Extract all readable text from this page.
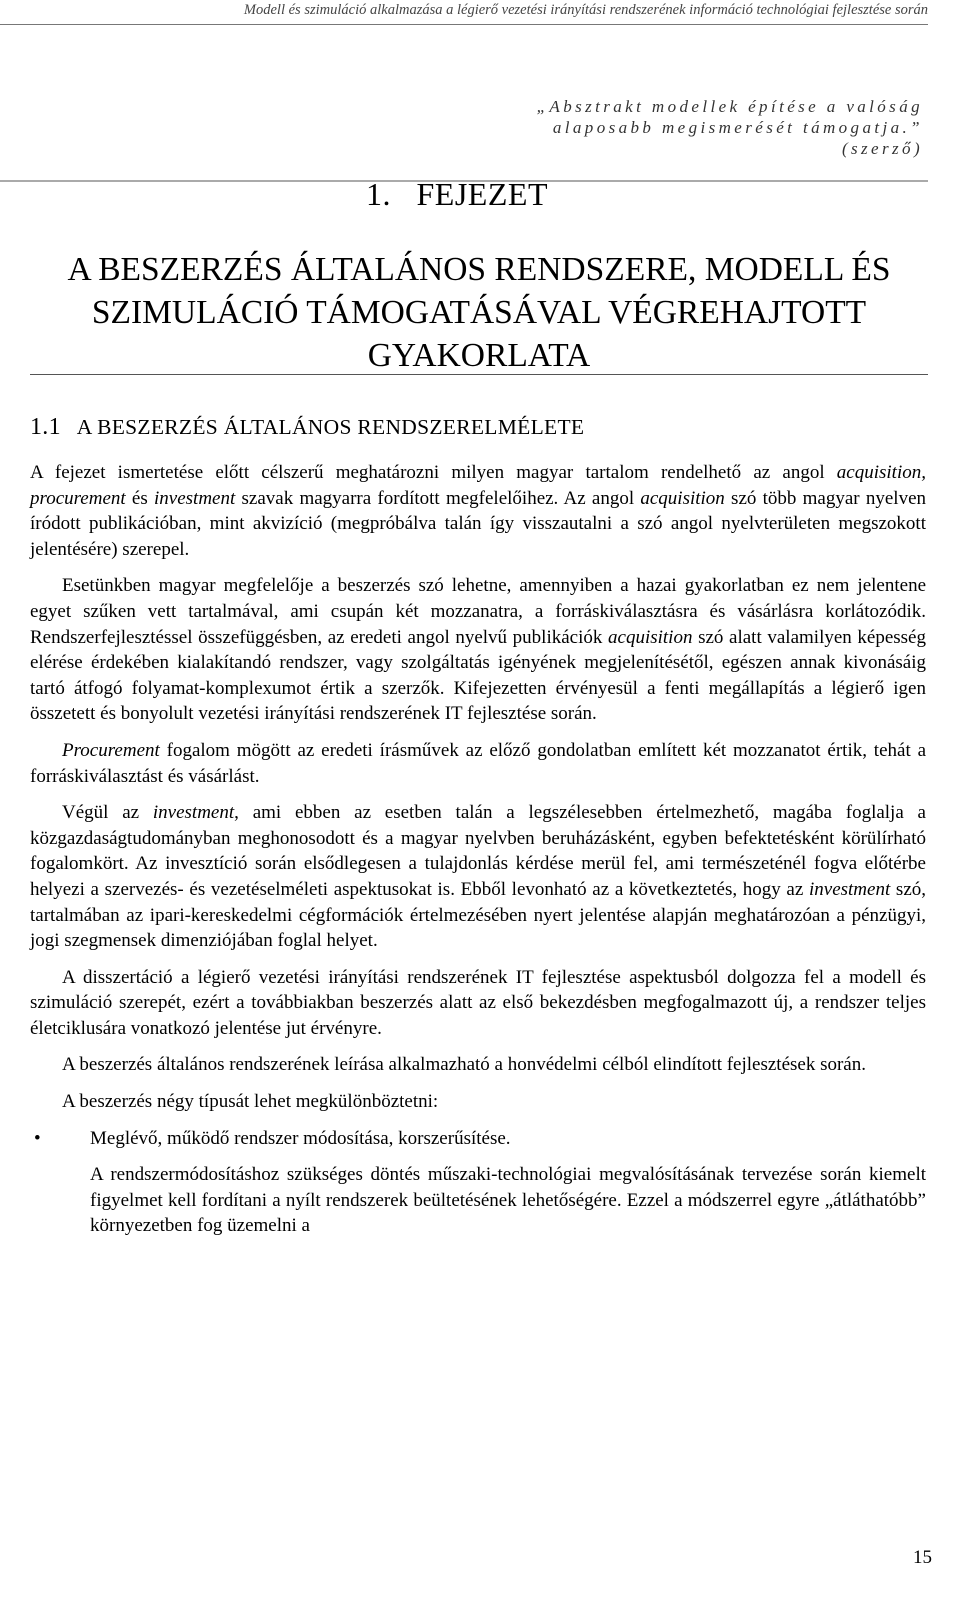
Modell és szimuláció alkalmazása a légierő vezetési irányítási rendszerének információ technológiai fejlesztése során
„Absztrakt modellek építése a valóság
alaposabb megismerését támogatja.”
(szerző)
1. FEJEZET
A BESZERZÉS ÁLTALÁNOS RENDSZERE, MODELL ÉS
SZIMULÁCIÓ TÁMOGATÁSÁVAL VÉGREHAJTOTT
GYAKORLATA
1.1 A BESZERZÉS ÁLTALÁNOS RENDSZERELMÉLETE

A fejezet ismertetése előtt célszerű meghatározni milyen magyar tartalom rendelhető az angol acquisition, procurement és investment szavak magyarra fordított megfelelőihez. Az angol acquisition szó több magyar nyelven íródott publikációban, mint akvizíció (megpróbálva talán így visszautalni a szó angol nyelvterületen megszokott jelentésére) szerepel.

Esetünkben magyar megfelelője a beszerzés szó lehetne, amennyiben a hazai gyakorlatban ez nem jelentene egyet szűken vett tartalmával, ami csupán két mozzanatra, a forráskiválasztásra és vásárlásra korlátozódik. Rendszerfejlesztéssel összefüggésben, az eredeti angol nyelvű publikációk acquisition szó alatt valamilyen képesség elérése érdekében kialakítandó rendszer, vagy szolgáltatás igényének megjelenítésétől, egészen annak kivonásáig tartó átfogó folyamat-komplexumot értik a szerzők. Kifejezetten érvényesül a fenti megállapítás a légierő igen összetett és bonyolult vezetési irányítási rendszerének IT fejlesztése során.

Procurement fogalom mögött az eredeti írásművek az előző gondolatban említett két mozzanatot értik, tehát a forráskiválasztást és vásárlást.

Végül az investment, ami ebben az esetben talán a legszélesebben értelmezhető, magába foglalja a közgazdaságtudományban meghonosodott és a magyar nyelvben beruházásként, egyben befektetésként körülírható fogalomkört. Az invesztíció során elsődlegesen a tulajdonlás kérdése merül fel, ami természeténél fogva előtérbe helyezi a szervezés- és vezetéselméleti aspektusokat is. Ebből levonható az a következtetés, hogy az investment szó, tartalmában az ipari-kereskedelmi cégformációk értelmezésében nyert jelentése alapján meghatározóan a pénzügyi, jogi szegmensek dimenziójában foglal helyet.

A disszertáció a légierő vezetési irányítási rendszerének IT fejlesztése aspektusból dolgozza fel a modell és szimuláció szerepét, ezért a továbbiakban beszerzés alatt az első bekezdésben megfogalmazott új, a rendszer teljes életciklusára vonatkozó jelentése jut érvényre.

A beszerzés általános rendszerének leírása alkalmazható a honvédelmi célból elindított fejlesztések során.

A beszerzés négy típusát lehet megkülönböztetni:

•	Meglévő, működő rendszer módosítása, korszerűsítése.

A rendszermódosításhoz szükséges döntés műszaki-technológiai megvalósításának tervezése során kiemelt figyelmet kell fordítani a nyílt rendszerek beültetésének lehetőségére. Ezzel a módszerrel egyre „átláthatóbb” környezetben fog üzemelni a

15
